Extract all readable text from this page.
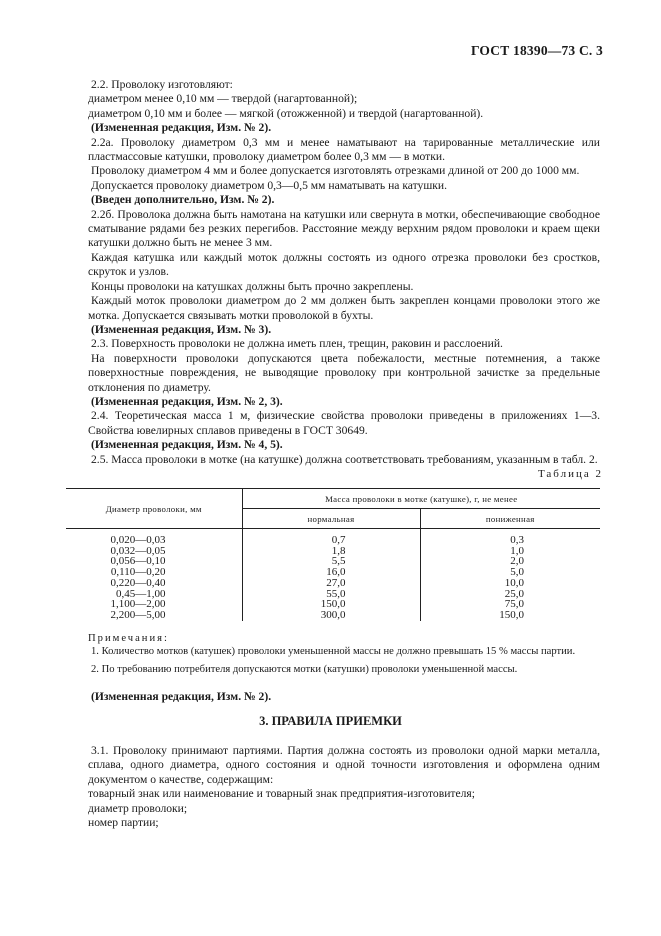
ГОСТ 18390—73 С. 3

2.2. Проволоку изготовляют:

диаметром менее 0,10 мм — твердой (нагартованной);

диаметром 0,10 мм и более — мягкой (отожженной) и твердой (нагартованной).

(Измененная редакция, Изм. № 2).

2.2а. Проволоку диаметром 0,3 мм и менее наматывают на тарированные металлические или пластмассовые катушки, проволоку диаметром более 0,3 мм — в мотки.

Проволоку диаметром 4 мм и более допускается изготовлять отрезками длиной от 200 до 1000 мм.

Допускается проволоку диаметром 0,3—0,5 мм наматывать на катушки.

(Введен дополнительно, Изм. № 2).

2.2б. Проволока должна быть намотана на катушки или свернута в мотки, обеспечивающие свободное сматывание рядами без резких перегибов. Расстояние между верхним рядом проволоки и краем щеки катушки должно быть не менее 3 мм.

Каждая катушка или каждый моток должны состоять из одного отрезка проволоки без сростков, скруток и узлов.

Концы проволоки на катушках должны быть прочно закреплены.

Каждый моток проволоки диаметром до 2 мм должен быть закреплен концами проволоки этого же мотка. Допускается связывать мотки проволокой в бухты.

(Измененная редакция, Изм. № 3).

2.3. Поверхность проволоки не должна иметь плен, трещин, раковин и расслоений.

На поверхности проволоки допускаются цвета побежалости, местные потемнения, а также поверхностные повреждения, не выводящие проволоку при контрольной зачистке за предельные отклонения по диаметру.

(Измененная редакция, Изм. № 2, 3).

2.4. Теоретическая масса 1 м, физические свойства проволоки приведены в приложениях 1—3. Свойства ювелирных сплавов приведены в ГОСТ 30649.

(Измененная редакция, Изм. № 4, 5).

2.5. Масса проволоки в мотке (на катушке) должна соответствовать требованиям, указанным в табл. 2.

Таблица 2
Диаметр проволоки, мм	Масса проволоки в мотке (катушке), г, не менее	
	нормальная	пониженная

0,020—0,03	0,7	0,3
0,032—0,05	1,8	1,0
0,056—0,10	5,5	2,0
0,110—0,20	16,0	5,0
0,220—0,40	27,0	10,0
0,45—1,00	55,0	25,0
1,100—2,00	150,0	75,0
2,200—5,00	300,0	150,0

Примечания:

1. Количество мотков (катушек) проволоки уменьшенной массы не должно превышать 15 % массы партии.

2. По требованию потребителя допускаются мотки (катушки) проволоки уменьшенной массы.

(Измененная редакция, Изм. № 2).
3. ПРАВИЛА ПРИЕМКИ

3.1. Проволоку принимают партиями. Партия должна состоять из проволоки одной марки металла, сплава, одного диаметра, одного состояния и одной точности изготовления и оформлена одним документом о качестве, содержащим:

товарный знак или наименование и товарный знак предприятия-изготовителя;

диаметр проволоки;

номер партии;
